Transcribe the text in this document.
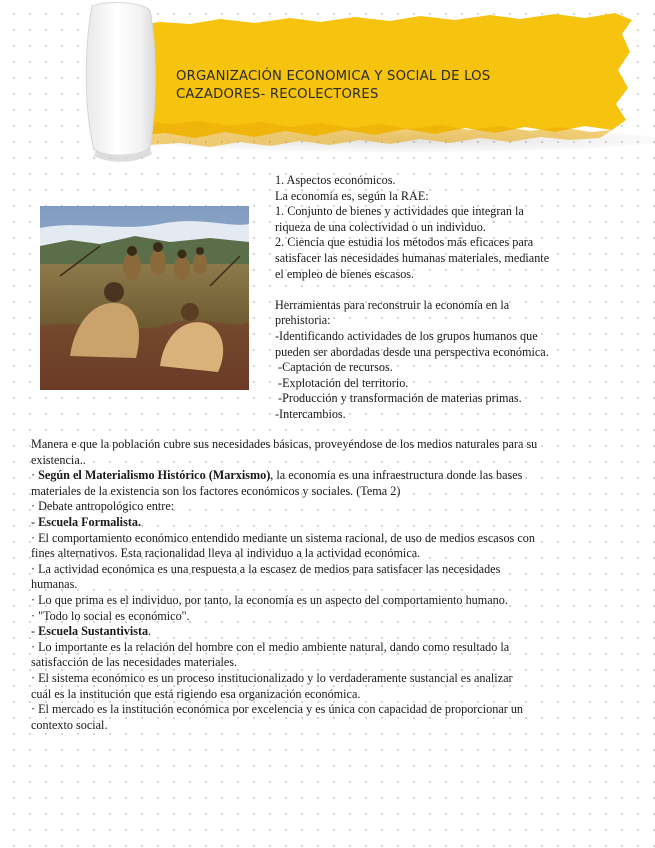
ORGANIZACIÓN ECONOMICA Y SOCIAL DE LOS
CAZADORES- RECOLECTORES

1. Aspectos económicos.

La economía es, según la RAE:

1. Conjunto de bienes y actividades que integran la

riqueza de una colectividad o un individuo.

2. Ciencia que estudia los métodos más eficaces para

satisfacer las necesidades humanas materiales, mediante

el empleo de bienes escasos.

Herramientas para reconstruir la economía en la

prehistoria:

-Identificando actividades de los grupos humanos que

pueden ser abordadas desde una perspectiva económica.

-Captación de recursos.

-Explotación del territorio.

-Producción y transformación de materias primas.

-Intercambios.

Manera e que la población cubre sus necesidades básicas, proveyéndose de los medios naturales para su

existencia..

· Según el Materialismo Histórico (Marxismo), la economía es una infraestructura donde las bases

materiales de la existencia son los factores económicos y sociales. (Tema 2)

· Debate antropológico entre:

- Escuela Formalista.

· El comportamiento económico entendido mediante un sistema racional, de uso de medios escasos con

fines alternativos. Esta racionalidad lleva al individuo a la actividad económica.

· La actividad económica es una respuesta a la escasez de medios para satisfacer las necesidades

humanas.

· Lo que prima es el individuo, por tanto, la economía es un aspecto del comportamiento humano.

· "Todo lo social es económico".

- Escuela Sustantivista.

· Lo importante es la relación del hombre con el medio ambiente natural, dando como resultado la

satisfacción de las necesidades materiales.

· El sistema económico es un proceso institucionalizado y lo verdaderamente sustancial es analizar

cuál es la institución que está rigiendo esa organización económica.

· El mercado es la institución económica por excelencia y es única con capacidad de proporcionar un

contexto social.
